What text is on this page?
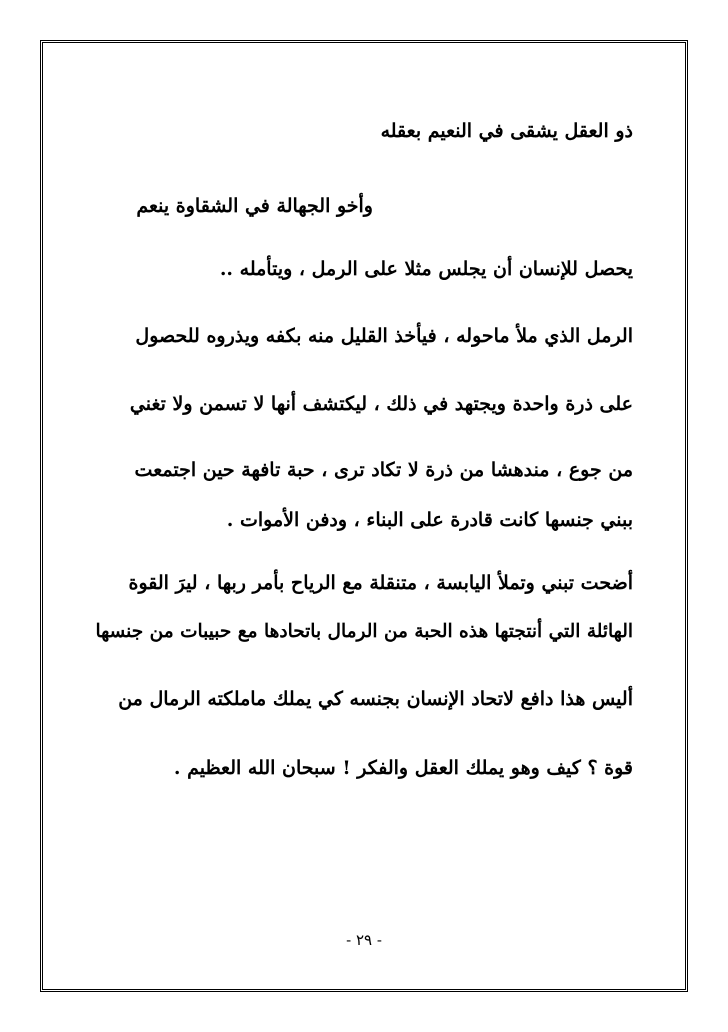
ذو العقل يشقى في النعيم بعقله
وأخو الجهالة في الشقاوة ينعم
يحصل للإنسان أن يجلس مثلا على الرمل ، ويتأمله ..
الرمل الذي ملأ ماحوله ، فيأخذ القليل منه بكفه ويذروه للحصول
على ذرة واحدة ويجتهد في ذلك ، ليكتشف أنها لا تسمن ولا تغني
من جوع ، مندهشا من ذرة لا تكاد ترى ، حبة تافهة حين اجتمعت
ببني جنسها كانت قادرة على البناء ، ودفن الأموات .
أضحت تبني وتملأ اليابسة ، متنقلة مع الرياح بأمر ربها ، ليرَ القوة
الهائلة التي أنتجتها هذه الحبة من الرمال باتحادها مع حبيبات من جنسها
أليس هذا دافع لاتحاد الإنسان بجنسه كي يملك ماملكته الرمال من
قوة ؟ كيف وهو يملك العقل والفكر ! سبحان الله العظيم .
- ٢٩ -
